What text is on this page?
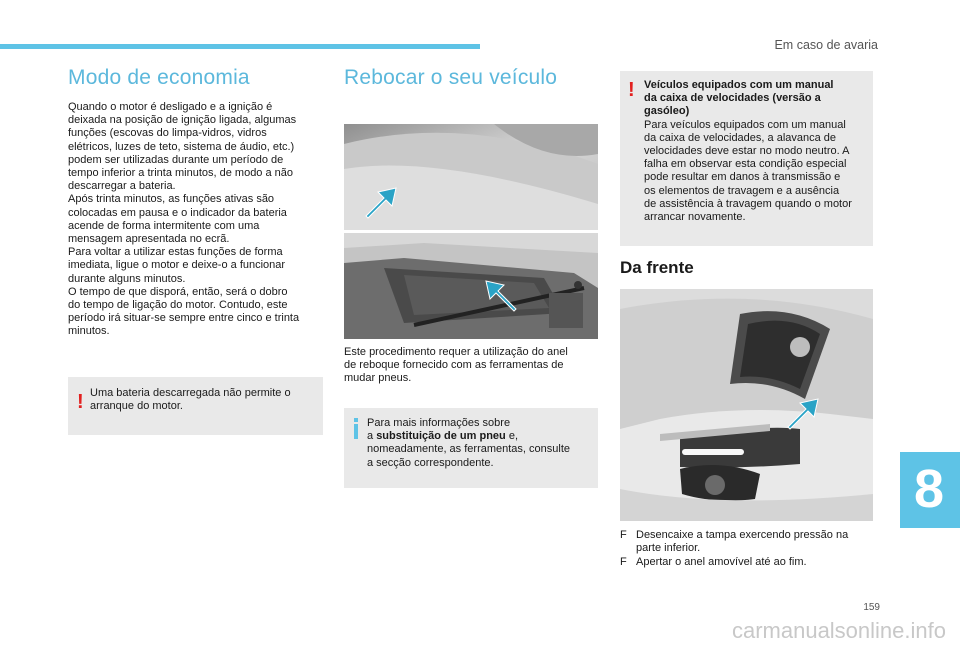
Em caso de avaria
Modo de economia
Quando o motor é desligado e a ignição é
deixada na posição de ignição ligada, algumas
funções (escovas do limpa-vidros, vidros
elétricos, luzes de teto, sistema de áudio, etc.)
podem ser utilizadas durante um período de
tempo inferior a trinta minutos, de modo a não
descarregar a bateria.
Após trinta minutos, as funções ativas são
colocadas em pausa e o indicador da bateria
acende de forma intermitente com uma
mensagem apresentada no ecrã.
Para voltar a utilizar estas funções de forma
imediata, ligue o motor e deixe-o a funcionar
durante alguns minutos.
O tempo de que disporá, então, será o dobro
do tempo de ligação do motor. Contudo, este
período irá situar-se sempre entre cinco e trinta
minutos.
! Uma bateria descarregada não permite o
arranque do motor.
Rebocar o seu veículo
Este procedimento requer a utilização do anel
de reboque fornecido com as ferramentas de
mudar pneus.
Para mais informações sobre
a substituição de um pneu e,
nomeadamente, as ferramentas, consulte
a secção correspondente.
! Veículos equipados com um manual
da caixa de velocidades (versão a
gasóleo)
Para veículos equipados com um manual
da caixa de velocidades, a alavanca de
velocidades deve estar no modo neutro. A
falha em observar esta condição especial
pode resultar em danos à transmissão e
os elementos de travagem e a ausência
de assistência à travagem quando o motor
arrancar novamente.
Da frente
F Desencaixe a tampa exercendo pressão na
parte inferior.
F Apertar o anel amovível até ao fim.
8
159
carmanualsonline.info
